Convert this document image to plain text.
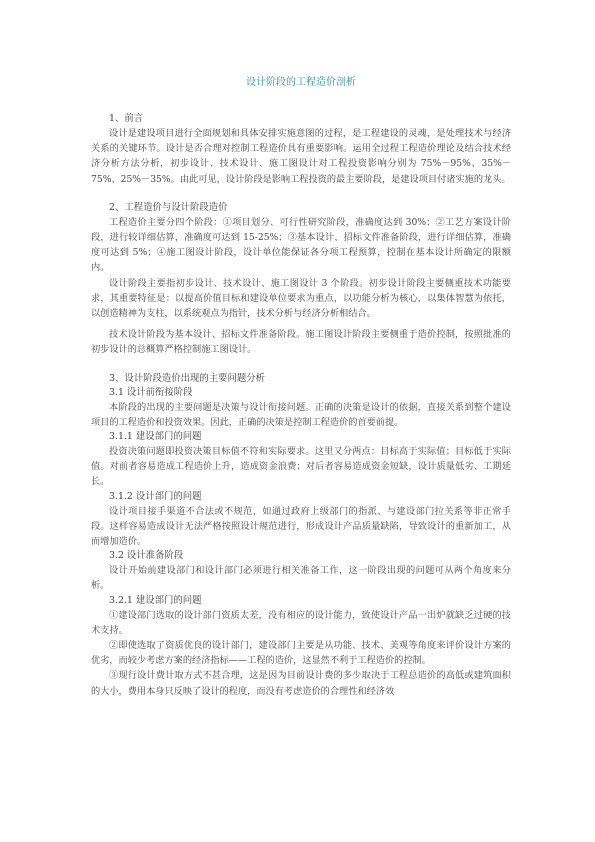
设计阶段的工程造价剖析

1、前言

设计是建设项目进行全面规划和具体安排实施意图的过程，是工程建设的灵魂，是处理技术与经济关系的关键环节。设计是否合理对控制工程造价具有重要影响。运用全过程工程造价理论及结合技术经济分析方法分析，初步设计、技术设计、施工图设计对工程投资影响分别为 75%－95%、35%－75%、25%－35%。由此可见，设计阶段是影响工程投资的最主要阶段，是建设项目付诸实施的龙头。

2、工程造价与设计阶段造价

工程造价主要分四个阶段：①项目划分、可行性研究阶段，准确度达到 30%；②工艺方案设计阶段，进行较详细估算，准确度可达到 15-25%；③基本设计、招标文件准备阶段，进行详细估算，准确度可达到 5%；④施工图设计阶段，设计单位能保证各分项工程预算，控制在基本设计所确定的限额内。

设计阶段主要指初步设计、技术设计、施工图设计 3 个阶段。初步设计阶段主要侧重技术功能要求，其重要特征是：以提高价值目标和建设单位要求为重点，以功能分析为核心，以集体智慧为依托，以创造精神为支柱，以系统观点为指针，技术分析与经济分析相结合。

技术设计阶段为基本设计、招标文件准备阶段。施工图设计阶段主要侧重于造价控制，按照批准的初步设计的总概算严格控制施工图设计。

3、设计阶段造价出现的主要问题分析

3.1 设计前衔接阶段

本阶段的出现的主要问题是决策与设计衔接问题。正确的决策是设计的依据，直接关系到整个建设项目的工程造价和投资效果。因此，正确的决策是控制工程造价的首要前提。

3.1.1 建设部门的问题

投资决策问题即投资决策目标值不符和实际要求。这里又分两点：目标高于实际值；目标低于实际值。对前者容易造成工程造价上升，造成资金浪费；对后者容易造成资金短缺，设计质量低劣、工期延长。

3.1.2 设计部门的问题

设计项目接手渠道不合法或不规范，如通过政府上级部门的指派、与建设部门拉关系等非正常手段。这样容易造成设计无法严格按照设计规范进行，形成设计产品质量缺陷，导致设计的重新加工，从而增加造价。

3.2 设计准备阶段

设计开始前建设部门和设计部门必须进行相关准备工作，这一阶段出现的问题可从两个角度来分析。

3.2.1 建设部门的问题

①建设部门选取的设计部门资质太差，没有相应的设计能力，致使设计产品一出炉就缺乏过硬的技术支持。

②即使选取了资质优良的设计部门，建设部门主要是从功能、技术、美观等角度来评价设计方案的优劣，而较少考虑方案的经济指标——工程的造价，这显然不利于工程造价的控制。

③现行设计费计取方式不甚合理，这是因为目前设计费的多少取决于工程总造价的高低或建筑面积的大小，费用本身只反映了设计的程度，而没有考虑造价的合理性和经济效
